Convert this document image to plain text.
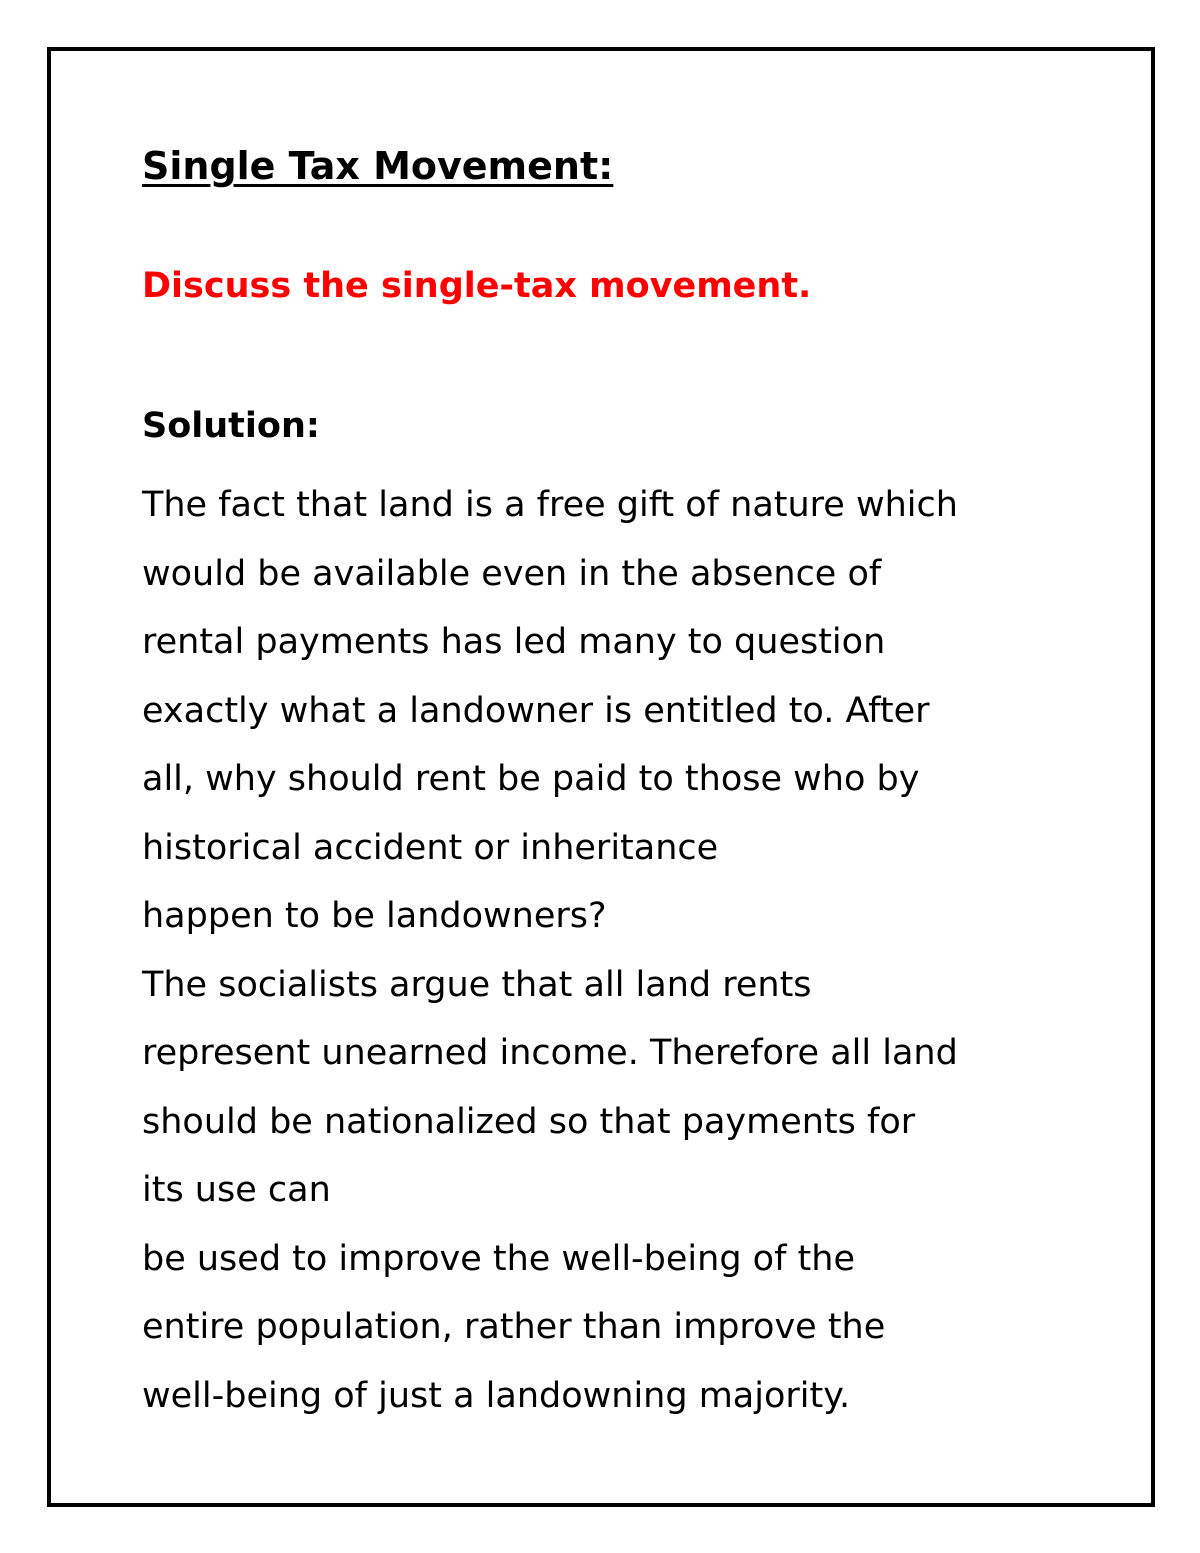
Single Tax Movement:

Discuss the single-tax movement.

Solution:

The fact that land is a free gift of nature which
would be available even in the absence of
rental payments has led many to question
exactly what a landowner is entitled to. After
all, why should rent be paid to those who by
historical accident or inheritance
happen to be landowners?
The socialists argue that all land rents
represent unearned income. Therefore all land
should be nationalized so that payments for
its use can
be used to improve the well-being of the
entire population, rather than improve the
well-being of just a landowning majority.
